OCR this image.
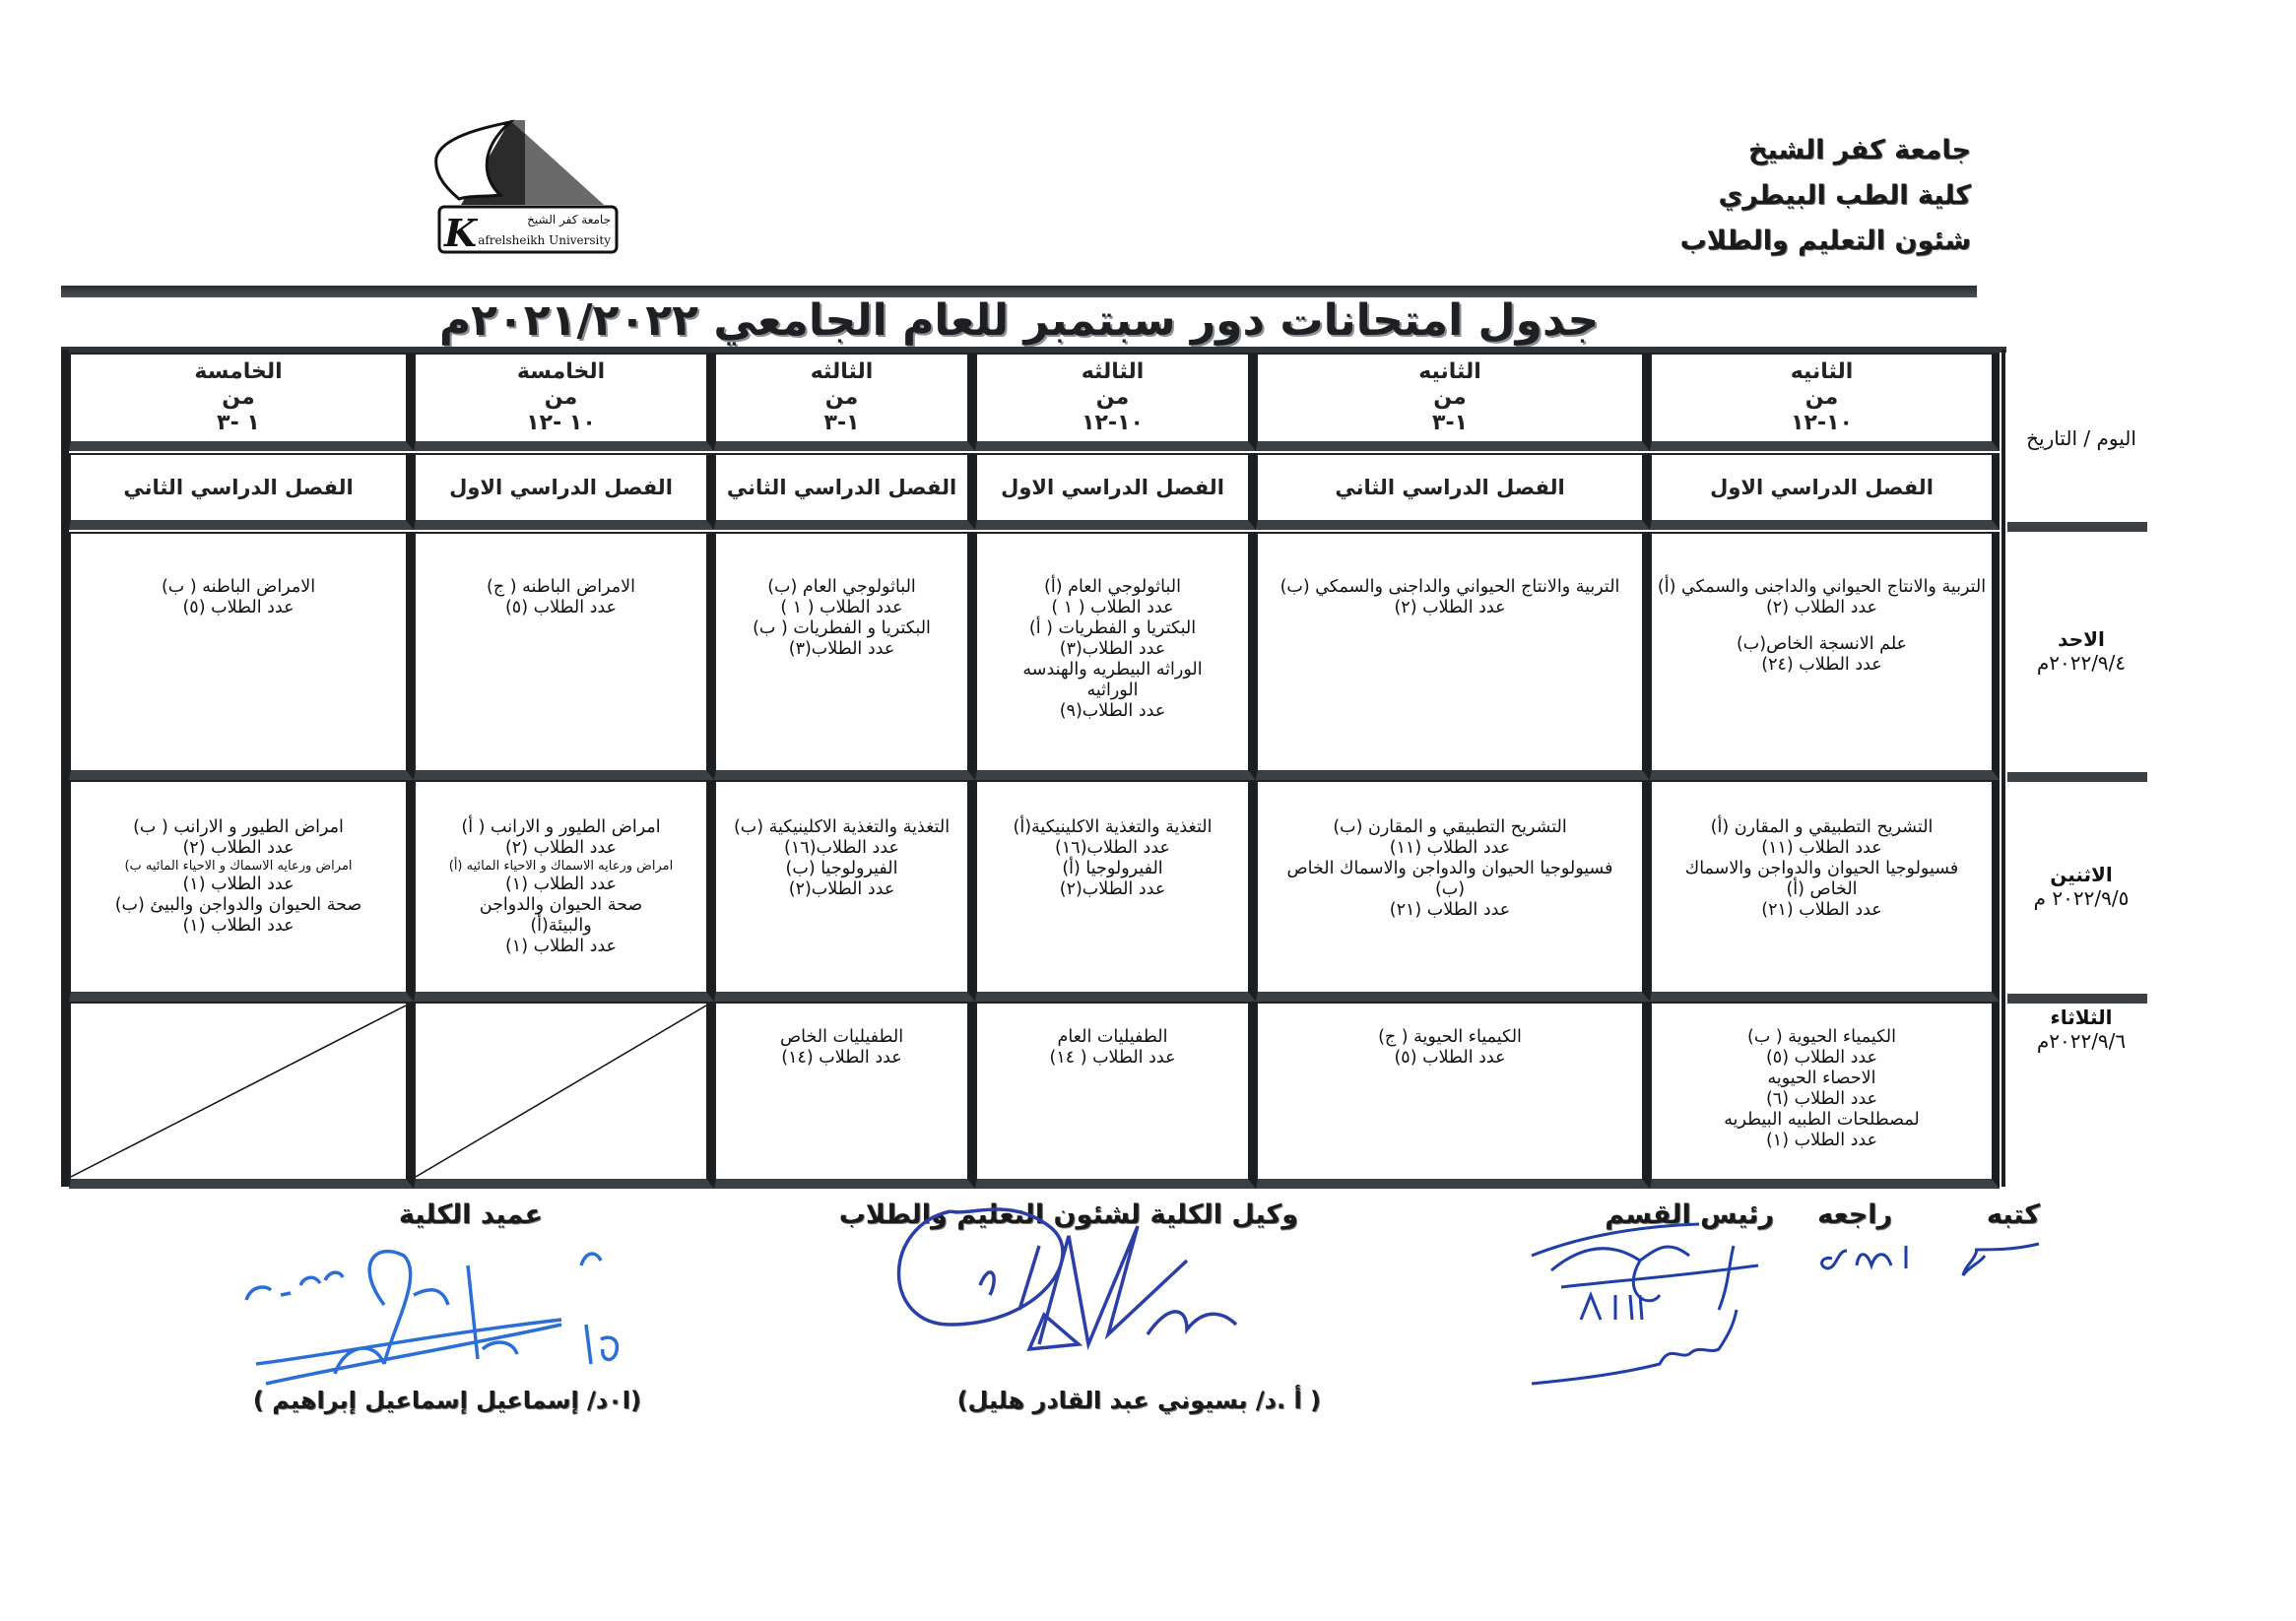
جامعة كفر الشيخ
كلية الطب البيطري
شئون التعليم والطلاب
K	جامعة كفر الشيخ
afrelsheikh University
جدول امتحانات دور سبتمبر للعام الجامعي ٢٠٢١/٢٠٢٢م
اليوم / التاريخ
الثانيه
من
١٠-١٢
الفصل الدراسي الاول
الثانيه
من
١-٣
الفصل الدراسي الثاني
الثالثه
من
١٠-١٢
الفصل الدراسي الاول
الثالثه
من
١-٣
الفصل الدراسي الثاني
الخامسة
من
١٠ -١٢
الفصل الدراسي الاول
الخامسة
من
١ -٣
الفصل الدراسي الثاني
الاحد
٢٠٢٢/٩/٤م
التربية والانتاج الحيواني والداجنى والسمكي (أ)
عدد الطلاب (٢)
علم الانسجة الخاص(ب)
عدد الطلاب (٢٤)
التربية والانتاج الحيواني والداجنى والسمكي (ب)
عدد الطلاب (٢)
الباثولوجي العام (أ)
عدد الطلاب ( ١ )
البكتريا و الفطريات ( أ)
عدد الطلاب(٣)
الوراثه البيطريه والهندسه
الوراثيه
عدد الطلاب(٩)
الباثولوجي العام (ب)
عدد الطلاب ( ١ )
البكتريا و الفطريات ( ب)
عدد الطلاب(٣)
الامراض الباطنه ( ج)
عدد الطلاب (٥)
الامراض الباطنه ( ب)
عدد الطلاب (٥)
الاثنين
٢٠٢٢/٩/٥ م
التشريح التطبيقي و المقارن (أ)
عدد الطلاب (١١)
فسيولوجيا الحيوان والدواجن والاسماك
الخاص (أ)
عدد الطلاب (٢١)
التشريح التطبيقي و المقارن (ب)
عدد الطلاب (١١)
فسيولوجيا الحيوان والدواجن والاسماك الخاص
(ب)
عدد الطلاب (٢١)
التغذية والتغذية الاكلينيكية(أ)
عدد الطلاب(١٦)
الفيرولوجيا (أ)
عدد الطلاب(٢)
التغذية والتغذية الاكلينيكية (ب)
عدد الطلاب(١٦)
الفيرولوجيا (ب)
عدد الطلاب(٢)
امراض الطيور و الارانب ( أ)
عدد الطلاب (٢)
امراض ورعايه الاسماك و الاحياء المائيه (أ)
عدد الطلاب (١)
صحة الحيوان والدواجن
والبيئة(أ)
عدد الطلاب (١)
امراض الطيور و الارانب ( ب)
عدد الطلاب (٢)
امراض ورعايه الاسماك و الاحياء المائيه ب)
عدد الطلاب (١)
صحة الحيوان والدواجن والبيئ (ب)
عدد الطلاب (١)
الثلاثاء
٢٠٢٢/٩/٦م
الكيمياء الحيوية ( ب)
عدد الطلاب (٥)
الاحصاء الحيويه
عدد الطلاب (٦)
لمصطلحات الطبيه البيطريه
عدد الطلاب (١)
الكيمياء الحيوية ( ج)
عدد الطلاب (٥)
الطفيليات العام
عدد الطلاب ( ١٤)
الطفيليات الخاص
عدد الطلاب (١٤)
كتبه
راجعه
رئيس القسم
وكيل الكلية لشئون التعليم والطلاب
( أ .د/ بسيوني عبد القادر هليل)
عميد الكلية
(ا٠د/ إسماعيل إسماعيل إبراهيم )
